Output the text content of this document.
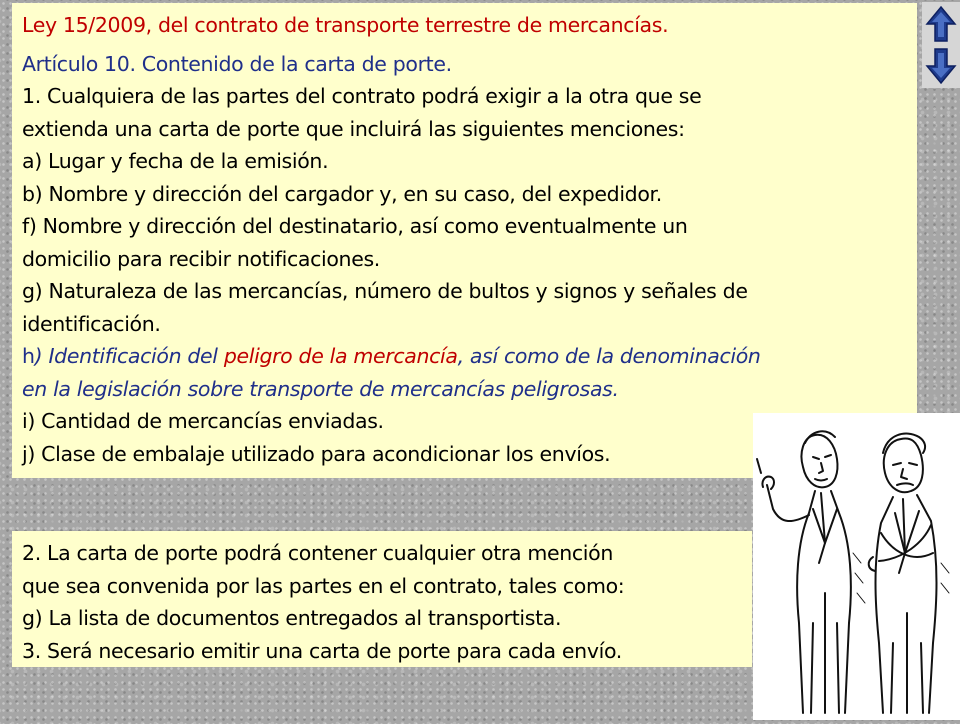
Ley 15/2009, del contrato de transporte terrestre de mercancías.
Artículo 10. Contenido de la carta de porte.
1. Cualquiera de las partes del contrato podrá exigir a la otra que se
extienda una carta de porte que incluirá las siguientes menciones:
a) Lugar y fecha de la emisión.
b) Nombre y dirección del cargador y, en su caso, del expedidor.
f) Nombre y dirección del destinatario, así como eventualmente un
domicilio para recibir notificaciones.
g) Naturaleza de las mercancías, número de bultos y signos y señales de
identificación.
h) Identificación del peligro de la mercancía, así como de la denominación
en la legislación sobre transporte de mercancías peligrosas.
i) Cantidad de mercancías enviadas.
j) Clase de embalaje utilizado para acondicionar los envíos.
2. La carta de porte podrá contener cualquier otra mención
que sea convenida por las partes en el contrato, tales como:
g) La lista de documentos entregados al transportista.
3. Será necesario emitir una carta de porte para cada envío.
